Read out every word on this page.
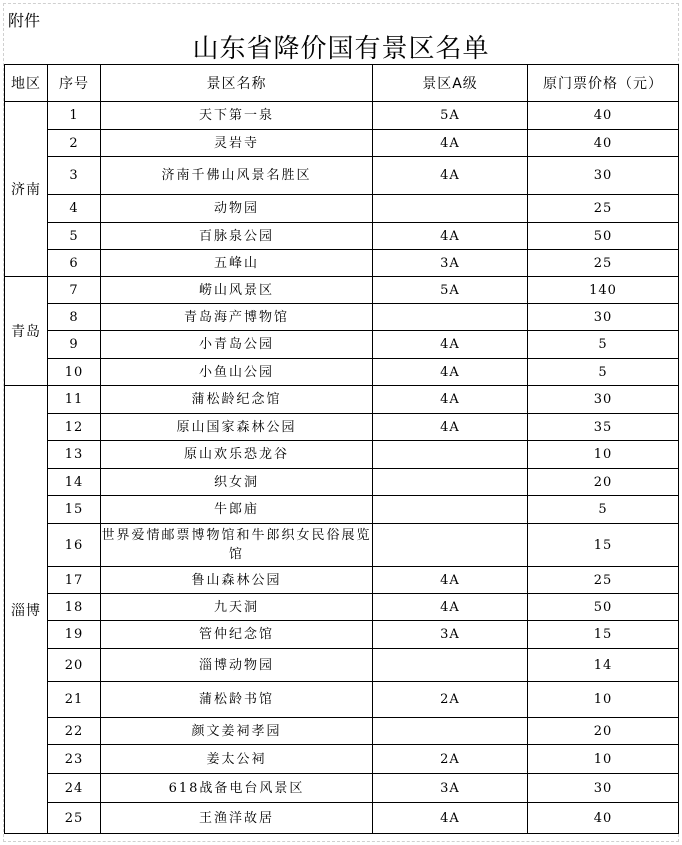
附件
山东省降价国有景区名单
地区	序号	景区名称	景区A级	原门票价格（元）
济南	1	天下第一泉	5A	40
	2	灵岩寺	4A	40
	3	济南千佛山风景名胜区	4A	30
	4	动物园		25
	5	百脉泉公园	4A	50
	6	五峰山	3A	25
青岛	7	崂山风景区	5A	140
	8	青岛海产博物馆		30
	9	小青岛公园	4A	5
	10	小鱼山公园	4A	5
淄博	11	蒲松龄纪念馆	4A	30
	12	原山国家森林公园	4A	35
	13	原山欢乐恐龙谷		10
	14	织女洞		20
	15	牛郎庙		5
	16	世界爱情邮票博物馆和牛郎织女民俗展览馆		15
	17	鲁山森林公园	4A	25
	18	九天洞	4A	50
	19	管仲纪念馆	3A	15
	20	淄博动物园		14
	21	蒲松龄书馆	2A	10
	22	颜文姜祠孝园		20
	23	姜太公祠	2A	10
	24	618战备电台风景区	3A	30
	25	王渔洋故居	4A	40
